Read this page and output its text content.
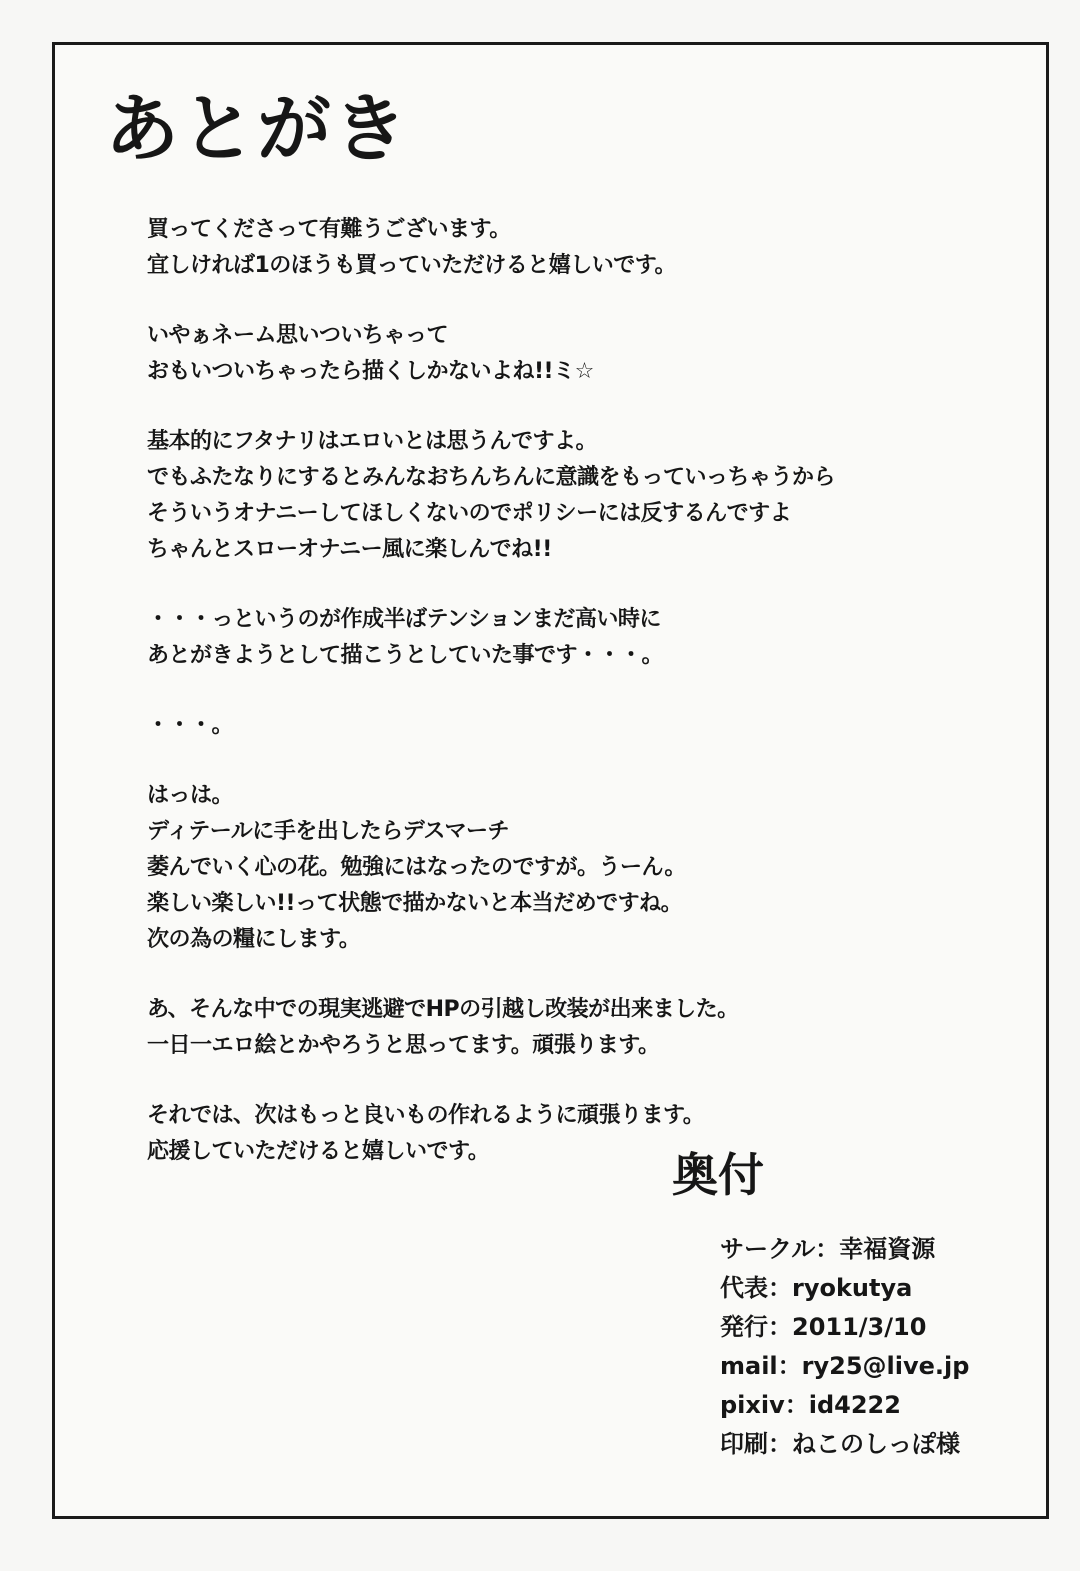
あとがき
買ってくださって有難うございます。
宜しければ1のほうも買っていただけると嬉しいです。
いやぁネーム思いついちゃって
おもいついちゃったら描くしかないよね!!ミ☆
基本的にフタナリはエロいとは思うんですよ。
でもふたなりにするとみんなおちんちんに意識をもっていっちゃうから
そういうオナニーしてほしくないのでポリシーには反するんですよ
ちゃんとスローオナニー風に楽しんでね!!
・・・っというのが作成半ばテンションまだ高い時に
あとがきようとして描こうとしていた事です・・・。
・・・。
はっは。
ディテールに手を出したらデスマーチ
萎んでいく心の花。勉強にはなったのですが。うーん。
楽しい楽しい!!って状態で描かないと本当だめですね。
次の為の糧にします。
あ、そんな中での現実逃避でHPの引越し改装が出来ました。
一日一エロ絵とかやろうと思ってます。頑張ります。
それでは、次はもっと良いもの作れるように頑張ります。
応援していただけると嬉しいです。	奥付
サークル：幸福資源
代表：ryokutya
発行：2011/3/10
mail：ry25@live.jp
pixiv：id4222
印刷：ねこのしっぽ様
